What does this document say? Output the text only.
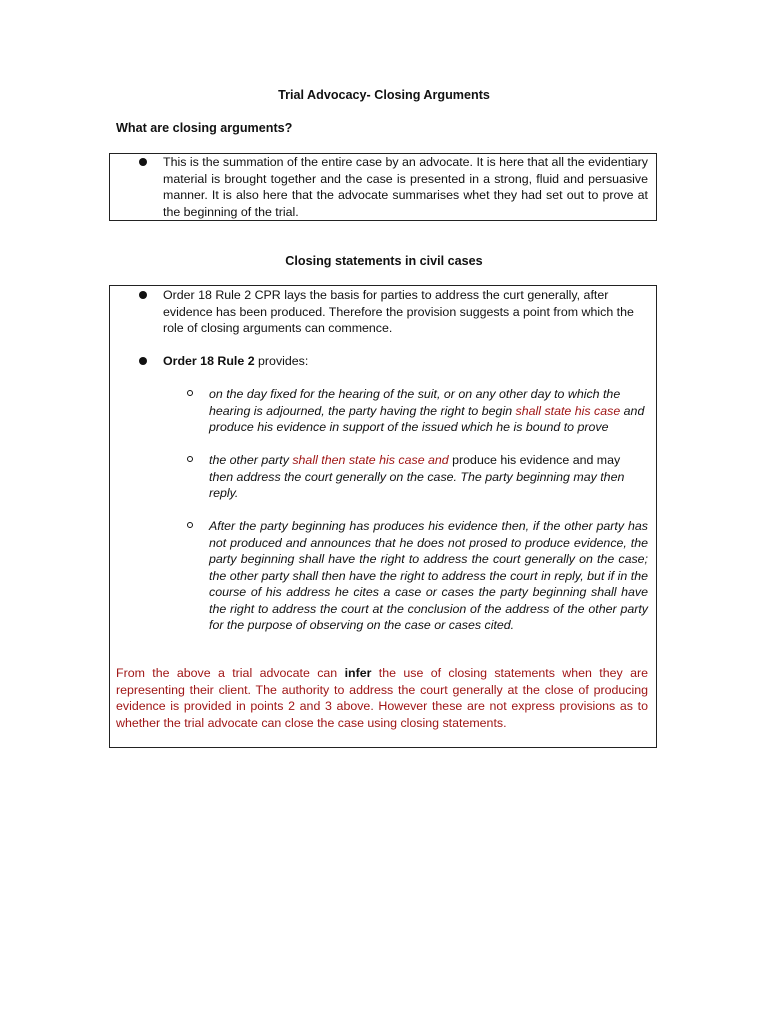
Trial Advocacy- Closing Arguments
What are closing arguments?
This is the summation of the entire case by an advocate. It is here that all the evidentiary material is brought together and the case is presented in a strong, fluid and persuasive manner. It is also here that the advocate summarises whet they had set out to prove at the beginning of the trial.
Closing statements in civil cases
Order 18 Rule 2 CPR lays the basis for parties to address the curt generally, after evidence has been produced. Therefore the provision suggests a point from which the role of closing arguments can commence.
Order 18 Rule 2 provides:
on the day fixed for the hearing of the suit, or on any other day to which the hearing is adjourned, the party having the right to begin shall state his case and produce his evidence in support of the issued which he is bound to prove
the other party shall then state his case and produce his evidence and may
then address the court generally on the case. The party beginning may then reply.
After the party beginning has produces his evidence then, if the other party has not produced and announces that he does not prosed to produce evidence, the party beginning shall have the right to address the court generally on the case; the other party shall then have the right to address the court in reply, but if in the course of his address he cites a case or cases the party beginning shall have the right to address the court at the conclusion of the address of the other party for the purpose of observing on the case or cases cited.
From the above a trial advocate can infer the use of closing statements when they are representing their client. The authority to address the court generally at the close of producing evidence is provided in points 2 and 3 above. However these are not express provisions as to whether the trial advocate can close the case using closing statements.
